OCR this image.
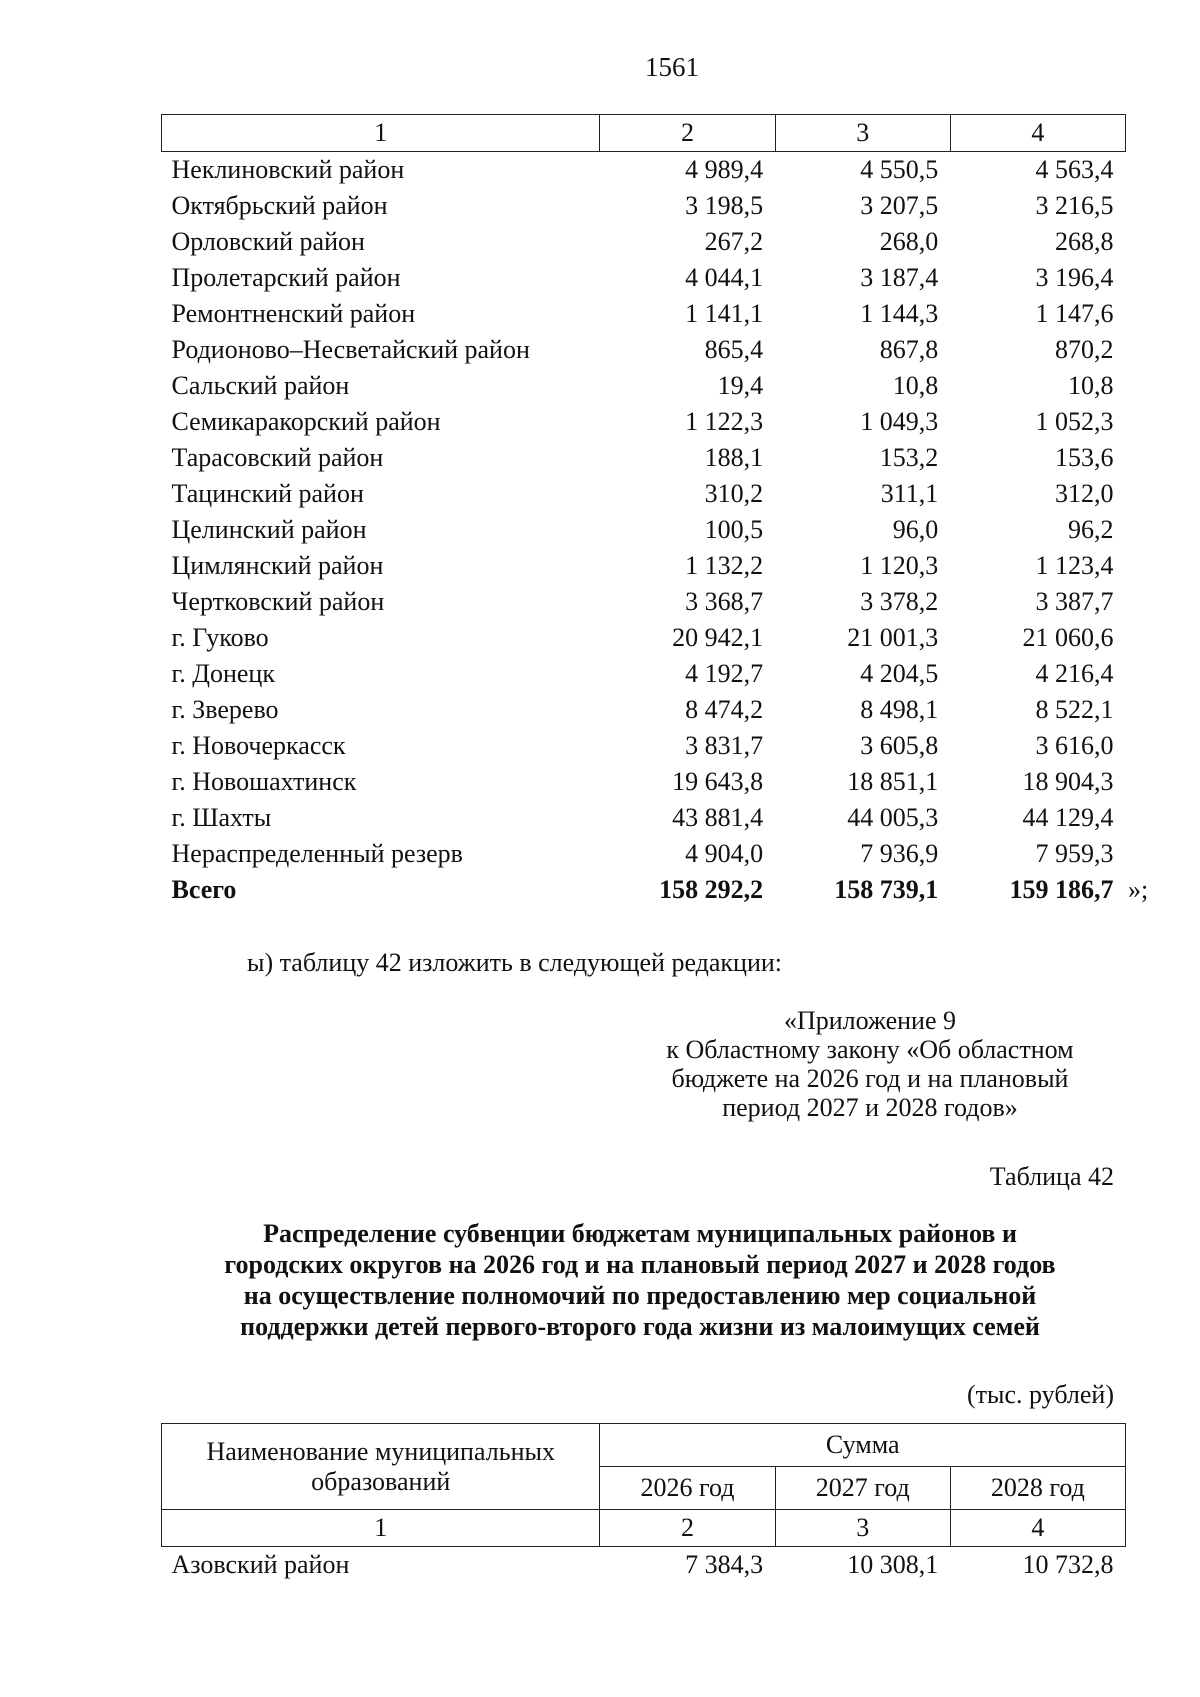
1561
1	2	3	4
Неклиновский район	4 989,4	4 550,5	4 563,4
Октябрьский район	3 198,5	3 207,5	3 216,5
Орловский район	267,2	268,0	268,8
Пролетарский район	4 044,1	3 187,4	3 196,4
Ремонтненский район	1 141,1	1 144,3	1 147,6
Родионово–Несветайский район	865,4	867,8	870,2
Сальский район	19,4	10,8	10,8
Семикаракорский район	1 122,3	1 049,3	1 052,3
Тарасовский район	188,1	153,2	153,6
Тацинский район	310,2	311,1	312,0
Целинский район	100,5	96,0	96,2
Цимлянский район	1 132,2	1 120,3	1 123,4
Чертковский район	3 368,7	3 378,2	3 387,7
г. Гуково	20 942,1	21 001,3	21 060,6
г. Донецк	4 192,7	4 204,5	4 216,4
г. Зверево	8 474,2	8 498,1	8 522,1
г. Новочеркасск	3 831,7	3 605,8	3 616,0
г. Новошахтинск	19 643,8	18 851,1	18 904,3
г. Шахты	43 881,4	44 005,3	44 129,4
Нераспределенный резерв	4 904,0	7 936,9	7 959,3
Всего	158 292,2	158 739,1	159 186,7 »;
ы) таблицу 42 изложить в следующей редакции:
«Приложение 9
к Областному закону «Об областном
бюджете на 2026 год и на плановый
период 2027 и 2028 годов»
Таблица 42
Распределение субвенции бюджетам муниципальных районов и
городских округов на 2026 год и на плановый период 2027 и 2028 годов
на осуществление полномочий по предоставлению мер социальной
поддержки детей первого-второго года жизни из малоимущих семей
(тыс. рублей)
Наименование муниципальных образований	Сумма		
	2026 год	2027 год	2028 год
1	2	3	4
Азовский район	7 384,3	10 308,1	10 732,8
